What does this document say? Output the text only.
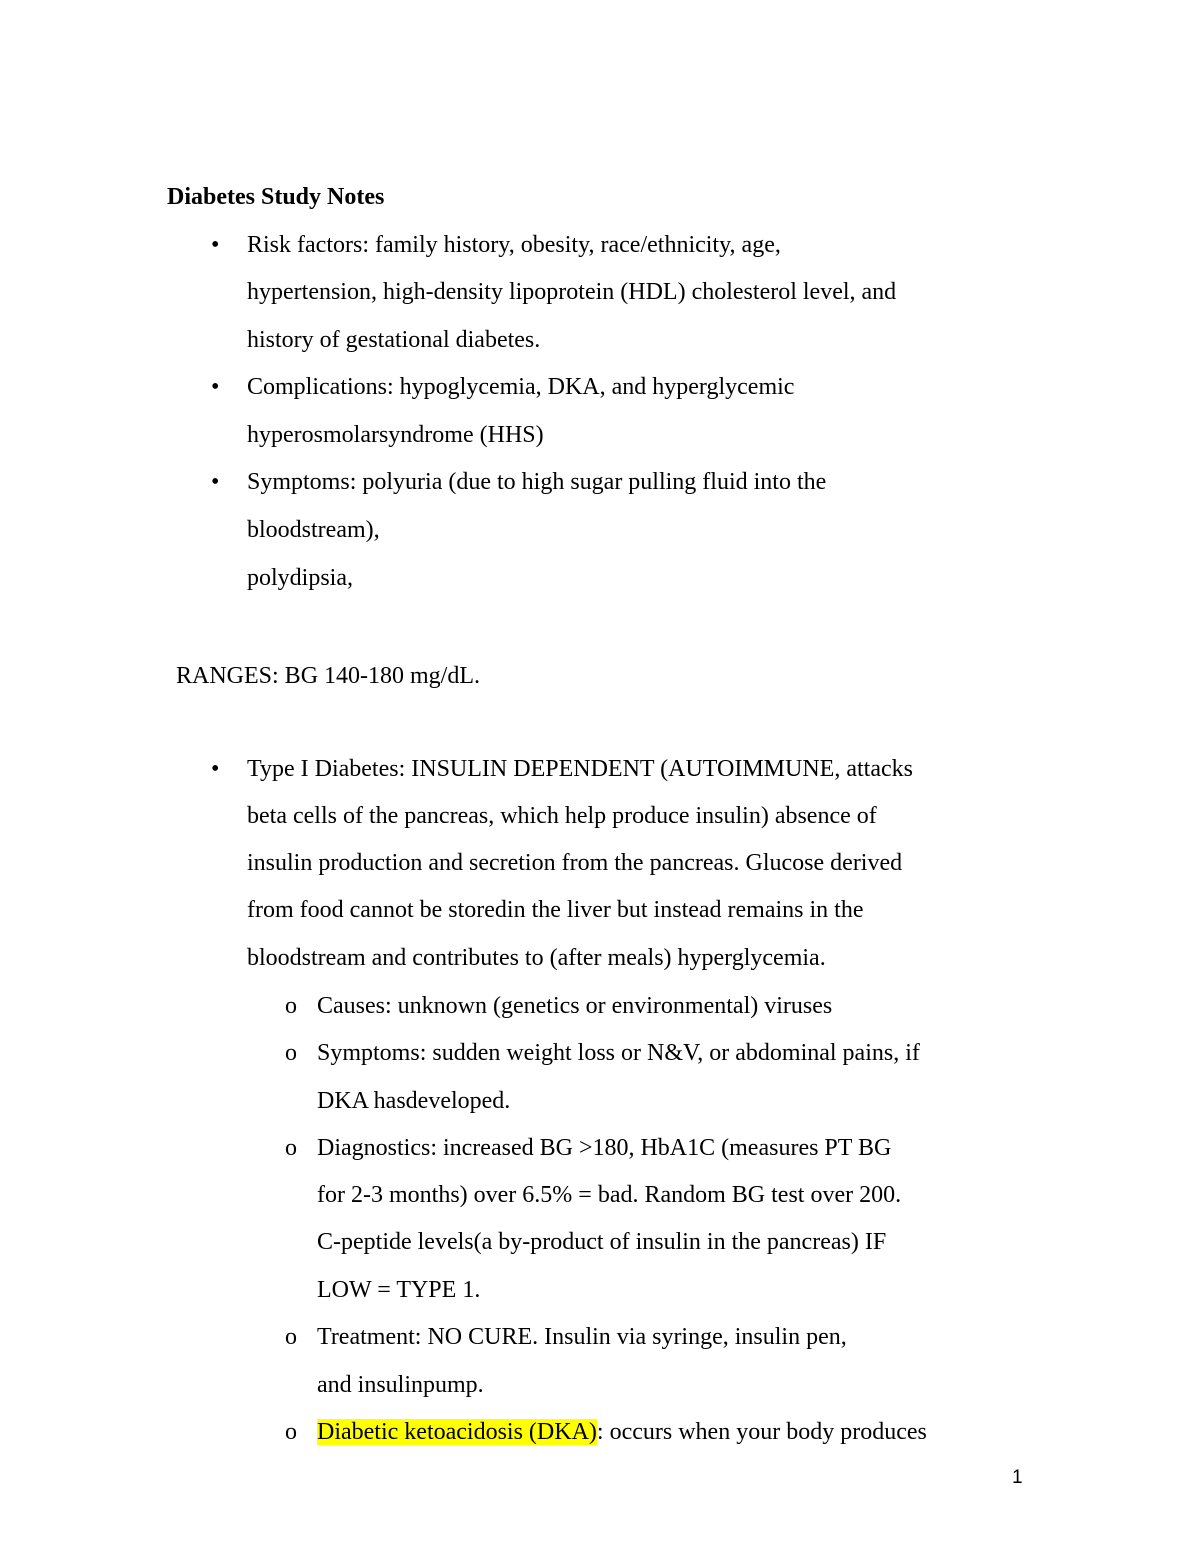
Diabetes Study Notes
• Risk factors: family history, obesity, race/ethnicity, age,
hypertension, high-density lipoprotein (HDL) cholesterol level, and
history of gestational diabetes.
• Complications: hypoglycemia, DKA, and hyperglycemic
hyperosmolarsyndrome (HHS)
• Symptoms: polyuria (due to high sugar pulling fluid into the
bloodstream),
polydipsia,
RANGES: BG 140-180 mg/dL.
• Type I Diabetes: INSULIN DEPENDENT (AUTOIMMUNE, attacks
beta cells of the pancreas, which help produce insulin) absence of
insulin production and secretion from the pancreas. Glucose derived
from food cannot be storedin the liver but instead remains in the
bloodstream and contributes to (after meals) hyperglycemia.
o Causes: unknown (genetics or environmental) viruses
o Symptoms: sudden weight loss or N&V, or abdominal pains, if
DKA hasdeveloped.
o Diagnostics: increased BG >180, HbA1C (measures PT BG
for 2-3 months) over 6.5% = bad. Random BG test over 200.
C-peptide levels(a by-product of insulin in the pancreas) IF
LOW = TYPE 1.
o Treatment: NO CURE. Insulin via syringe, insulin pen,
and insulinpump.
o Diabetic ketoacidosis (DKA): occurs when your body produces
1
